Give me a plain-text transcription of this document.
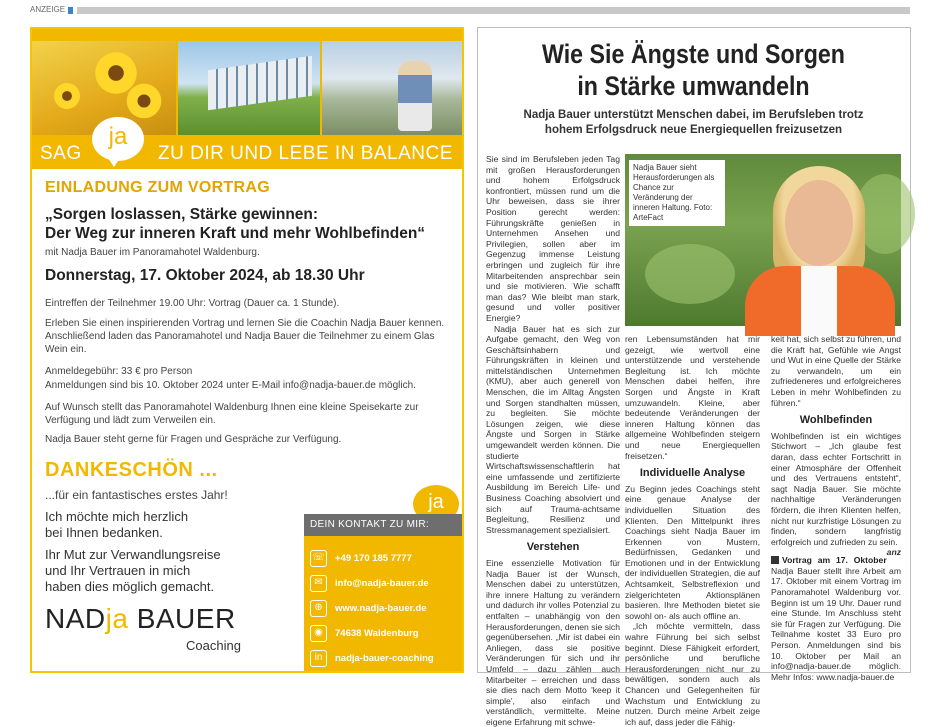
ANZEIGE
SAG	ZU DIR UND LEBE IN BALANCE
ja
EINLADUNG ZUM VORTRAG
„Sorgen loslassen, Stärke gewinnen:
Der Weg zur inneren Kraft und mehr Wohlbefinden“
mit Nadja Bauer im Panoramahotel Waldenburg.
Donnerstag, 17. Oktober 2024, ab 18.30 Uhr
Eintreffen der Teilnehmer 19.00 Uhr: Vortrag (Dauer ca. 1 Stunde).
Erleben Sie einen inspirierenden Vortrag und lernen Sie die Coachin Nadja Bauer kennen. Anschließend laden das Panoramahotel und Nadja Bauer die Teilnehmer zu einem Glas Wein ein.
Anmeldegebühr: 33 € pro Person
Anmeldungen sind bis 10. Oktober 2024 unter E-Mail info@nadja-bauer.de möglich.
Auf Wunsch stellt das Panoramahotel Waldenburg Ihnen eine kleine Speisekarte zur Verfügung und lädt zum Verweilen ein.
Nadja Bauer steht gerne für Fragen und Gespräche zur Verfügung.
DANKESCHÖN ...
...für ein fantastisches erstes Jahr!
Ich möchte mich herzlich
bei Ihnen bedanken.
Ihr Mut zur Verwandlungsreise
und Ihr Vertrauen in mich
haben dies möglich gemacht.
NADja BAUER
Coaching
ja
DEIN KONTAKT ZU MIR:
☏ +49 170 185 7777
✉	info@nadja-bauer.de
⊕	www.nadja-bauer.de
◉	74638 Waldenburg
in	nadja-bauer-coaching
Wie Sie Ängste und Sorgen
in Stärke umwandeln
Nadja Bauer unterstützt Menschen dabei, im Berufsleben trotz
hohem Erfolgsdruck neue Energiequellen freizusetzen

Sie sind im Berufsleben jeden Tag mit großen Herausforderungen und hohem Erfolgsdruck konfrontiert, müssen rund um die Uhr beweisen, dass sie ihrer Position gerecht werden: Führungskräfte genießen in Unternehmen Ansehen und Privilegien, sollen aber im Gegenzug immense Leistung erbringen und zugleich für ihre Mitarbeitenden ansprechbar sein und sie motivieren. Wie schafft man das? Wie bleibt man stark, gesund und voller positiver Energie?

Nadja Bauer hat es sich zur Aufgabe gemacht, den Weg von Geschäftsinhabern und Führungskräften in kleinen und mittelständischen Unternehmen (KMU), aber auch generell von Menschen, die im Alltag Ängsten und Sorgen standhalten müssen, zu begleiten. Sie möchte Lösungen zeigen, wie diese Ängste und Sorgen in Stärke umgewandelt werden können. Die studierte Wirtschaftswissenschaftlerin hat eine umfassende und zertifizierte Ausbildung im Bereich Life- und Business Coaching absolviert und sich auf Trauma-achtsame Begleitung, Resilienz und Stressmanagement spezialisiert.

Verstehen

Eine essenzielle Motivation für Nadja Bauer ist der Wunsch, Menschen dabei zu unterstützen, ihre innere Haltung zu verändern und dadurch ihr volles Potenzial zu entfalten – unabhängig von den Herausforderungen, denen sie sich gegenübersehen. „Mir ist dabei ein Anliegen, dass sie positive Veränderungen für sich und ihr Umfeld – dazu zählen auch Mitarbeiter – erreichen und dass sie dies nach dem Motto 'keep it simple', also einfach und verständlich, vermittelte. Meine eigene Erfahrung mit schwe-

Nadja Bauer sieht Herausforderungen als Chance zur Veränderung der inneren Haltung. Foto: ArteFact

ren Lebensumständen hat mir gezeigt, wie wertvoll eine unterstützende und verstehende Begleitung ist. Ich möchte Menschen dabei helfen, ihre Sorgen und Ängste in Kraft umzuwandeln. Kleine, aber bedeutende Veränderungen der inneren Haltung können das allgemeine Wohlbefinden steigern und neue Energiequellen freisetzen.“

Individuelle Analyse

Zu Beginn jedes Coachings steht eine genaue Analyse der individuellen Situation des Klienten. Den Mittelpunkt ihres Coachings sieht Nadja Bauer im Erkennen von Mustern, Bedürfnissen, Gedanken und Emotionen und in der Entwicklung der individuellen Strategien, die auf Achtsamkeit, Selbstreflexion und zielgerichteten Aktionsplänen basieren. Ihre Methoden bietet sie sowohl on- als auch offline an.

„Ich möchte vermitteln, dass wahre Führung bei sich selbst beginnt. Diese Fähigkeit erfordert, persönliche und berufliche Herausforderungen nicht nur zu bewältigen, sondern auch als Chancen und Gelegenheiten für Wachstum und Entwicklung zu nutzen. Durch meine Arbeit zeige ich auf, dass jeder die Fähig-

keit hat, sich selbst zu führen, und die Kraft hat, Gefühle wie Angst und Wut in eine Quelle der Stärke zu verwandeln, um ein zufriedeneres und erfolgreicheres Leben in mehr Wohlbefinden zu führen.“

Wohlbefinden

Wohlbefinden ist ein wichtiges Stichwort – „Ich glaube fest daran, dass echter Fortschritt in einer Atmosphäre der Offenheit und des Vertrauens entsteht“, sagt Nadja Bauer. Sie möchte nachhaltige Veränderungen fördern, die ihren Klienten helfen, nicht nur kurzfristige Lösungen zu finden, sondern langfristig erfolgreich und zufrieden zu sein.
anz

Vortrag am 17. Oktober Nadja Bauer stellt ihre Arbeit am 17. Oktober mit einem Vortrag im Panoramahotel Waldenburg vor. Beginn ist um 19 Uhr. Dauer rund eine Stunde. Im Anschluss steht sie für Fragen zur Verfügung. Die Teilnahme kostet 33 Euro pro Person. Anmeldungen sind bis 10. Oktober per Mail an info@nadja-bauer.de möglich. Mehr Infos: www.nadja-bauer.de
